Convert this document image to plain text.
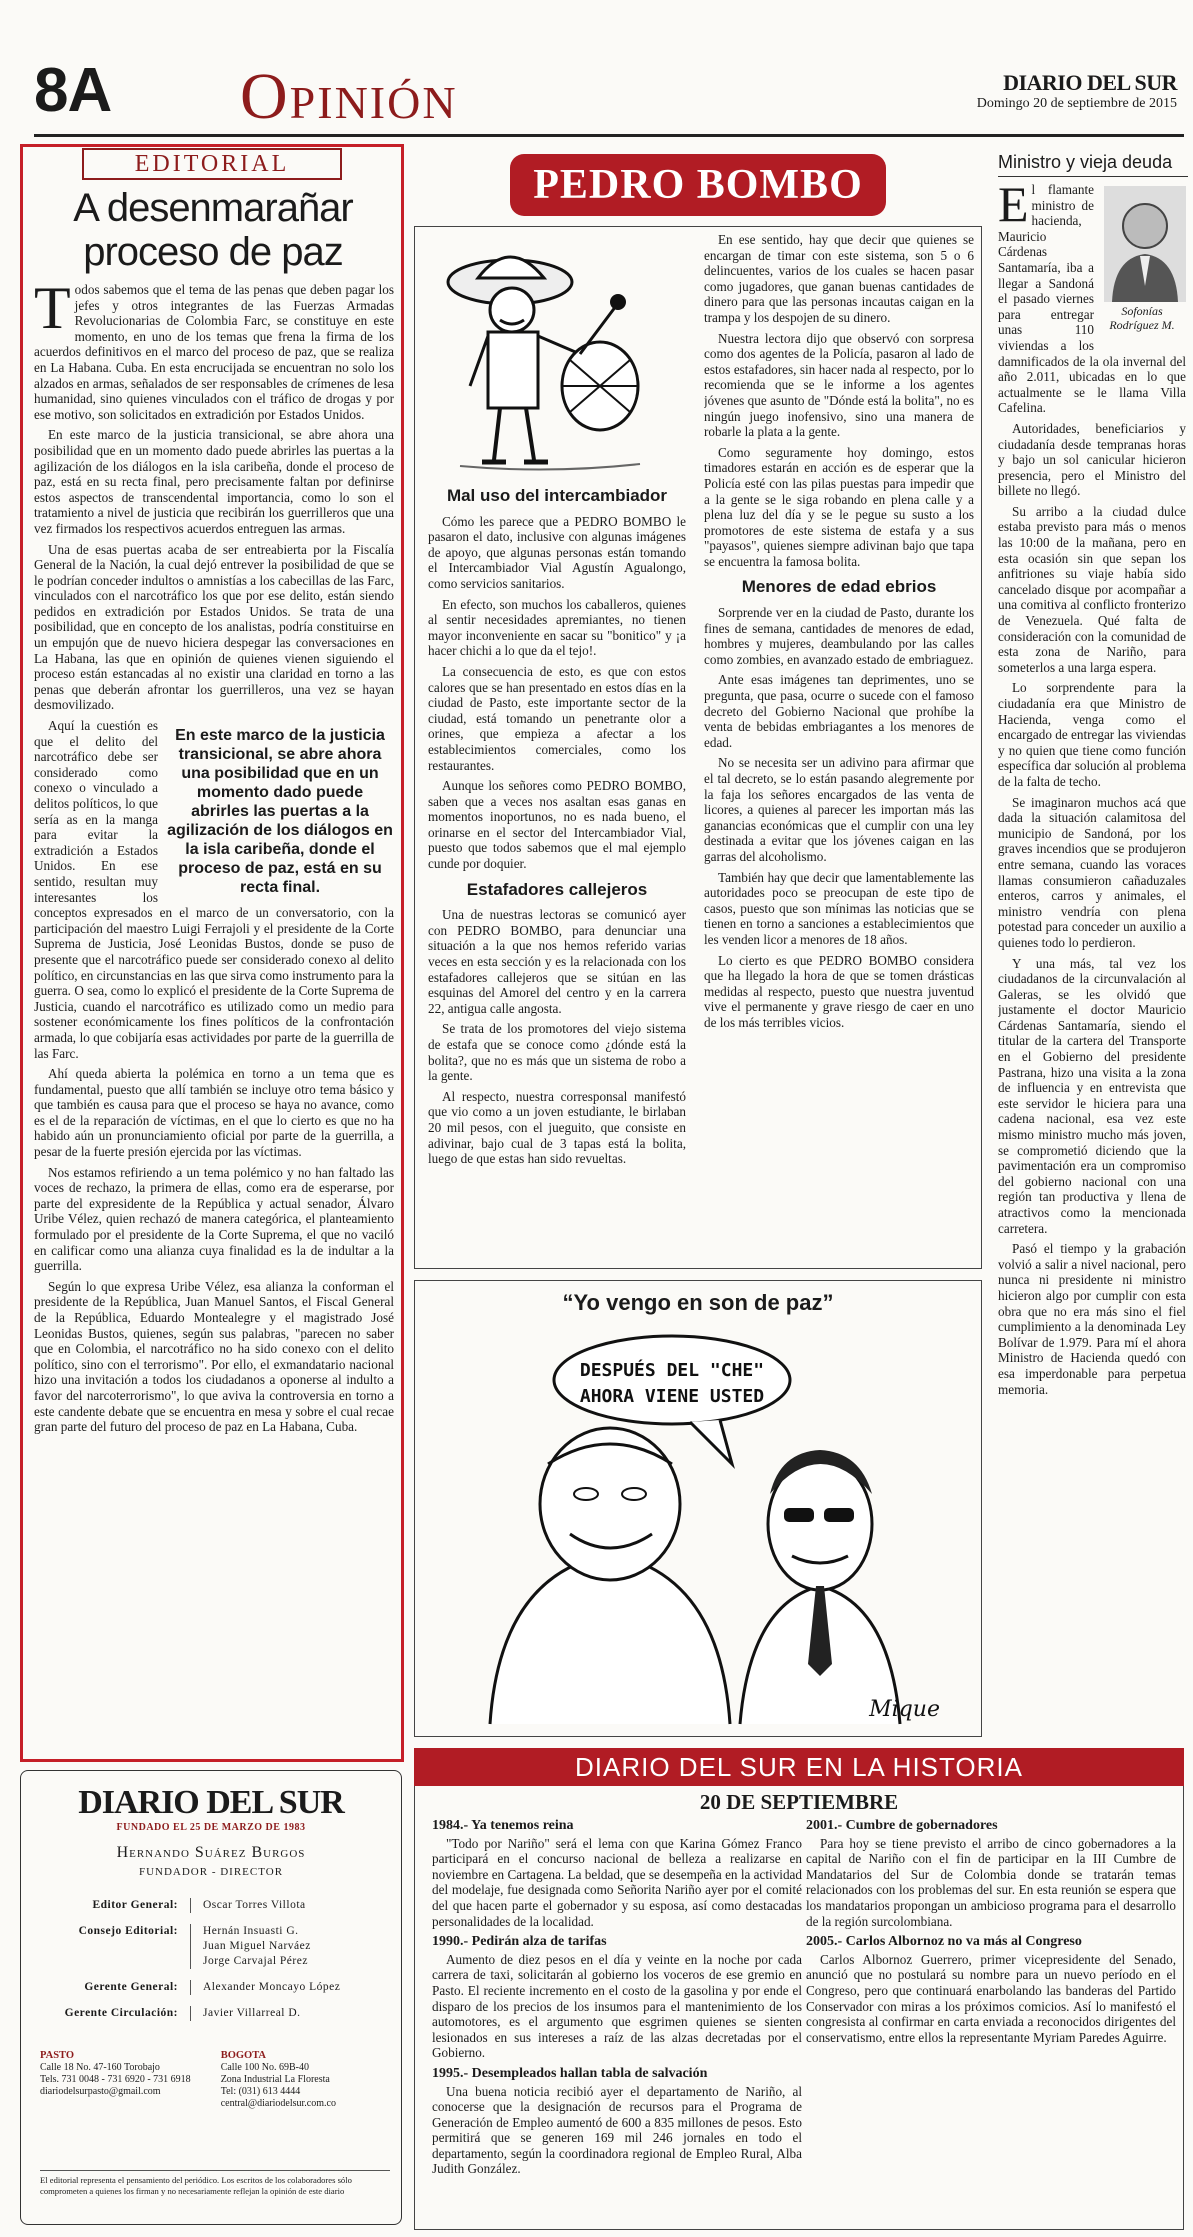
8A Opinión	DIARIO DEL SUR
Domingo 20 de septiembre de 2015
EDITORIAL
A desenmarañar proceso de paz

Todos sabemos que el tema de las penas que deben pagar los jefes y otros integrantes de las Fuerzas Armadas Revolucionarias de Colombia Farc, se constituye en este momento, en uno de los temas que frena la firma de los acuerdos definitivos en el marco del proceso de paz, que se realiza en La Habana. Cuba. En esta encrucijada se encuentran no solo los alzados en armas, señalados de ser responsables de crímenes de lesa humanidad, sino quienes vinculados con el tráfico de drogas y por ese motivo, son solicitados en extradición por Estados Unidos.

En este marco de la justicia transicional, se abre ahora una posibilidad que en un momento dado puede abrirles las puertas a la agilización de los diálogos en la isla caribeña, donde el proceso de paz, está en su recta final, pero precisamente faltan por definirse estos aspectos de transcendental importancia, como lo son el tratamiento a nivel de justicia que recibirán los guerrilleros que una vez firmados los respectivos acuerdos entreguen las armas.

Una de esas puertas acaba de ser entreabierta por la Fiscalía General de la Nación, la cual dejó entrever la posibilidad de que se le podrían conceder indultos o amnistías a los cabecillas de las Farc, vinculados con el narcotráfico los que por ese delito, están siendo pedidos en extradición por Estados Unidos. Se trata de una posibilidad, que en concepto de los analistas, podría constituirse en un empujón que de nuevo hiciera despegar las conversaciones en La Habana, las que en opinión de quienes vienen siguiendo el proceso están estancadas al no existir una claridad en torno a las penas que deberán afrontar los guerrilleros, una vez se hayan desmovilizado.

En este marco de la justicia transicional, se abre ahora una posibilidad que en un momento dado puede abrirles las puertas a la agilización de los diálogos en la isla caribeña, donde el proceso de paz, está en su recta final.
Aquí la cuestión es que el delito del narcotráfico debe ser considerado como conexo o vinculado a delitos políticos, lo que sería as en la manga para evitar la extradición a Estados Unidos. En ese sentido, resultan muy interesantes los conceptos expresados en el marco de un conversatorio, con la participación del maestro Luigi Ferrajoli y el presidente de la Corte Suprema de Justicia, José Leonidas Bustos, donde se puso de presente que el narcotráfico puede ser considerado conexo al delito político, en circunstancias en las que sirva como instrumento para la guerra. O sea, como lo explicó el presidente de la Corte Suprema de Justicia, cuando el narcotráfico es utilizado como un medio para sostener económicamente los fines políticos de la confrontación armada, lo que cobijaría esas actividades por parte de la guerrilla de las Farc.

Ahí queda abierta la polémica en torno a un tema que es fundamental, puesto que allí también se incluye otro tema básico y que también es causa para que el proceso se haya no avance, como es el de la reparación de víctimas, en el que lo cierto es que no ha habido aún un pronunciamiento oficial por parte de la guerrilla, a pesar de la fuerte presión ejercida por las víctimas.

Nos estamos refiriendo a un tema polémico y no han faltado las voces de rechazo, la primera de ellas, como era de esperarse, por parte del expresidente de la República y actual senador, Álvaro Uribe Vélez, quien rechazó de manera categórica, el planteamiento formulado por el presidente de la Corte Suprema, el que no vaciló en calificar como una alianza cuya finalidad es la de indultar a la guerrilla.

Según lo que expresa Uribe Vélez, esa alianza la conforman el presidente de la República, Juan Manuel Santos, el Fiscal General de la República, Eduardo Montealegre y el magistrado José Leonidas Bustos, quienes, según sus palabras, "parecen no saber que en Colombia, el narcotráfico no ha sido conexo con el delito político, sino con el terrorismo". Por ello, el exmandatario nacional hizo una invitación a todos los ciudadanos a oponerse al indulto a favor del narcoterrorismo", lo que aviva la controversia en torno a este candente debate que se encuentra en mesa y sobre el cual recae gran parte del futuro del proceso de paz en La Habana, Cuba.

PEDRO BOMBO

Mal uso del intercambiador

Cómo les parece que a PEDRO BOMBO le pasaron el dato, inclusive con algunas imágenes de apoyo, que algunas personas están tomando el Intercambiador Vial Agustín Agualongo, como servicios sanitarios.

En efecto, son muchos los caballeros, quienes al sentir necesidades apremiantes, no tienen mayor inconveniente en sacar su "bonitico" y ¡a hacer chichi a lo que da el tejo!.

La consecuencia de esto, es que con estos calores que se han presentado en estos días en la ciudad de Pasto, este importante sector de la ciudad, está tomando un penetrante olor a orines, que empieza a afectar a los establecimientos comerciales, como los restaurantes.

Aunque los señores como PEDRO BOMBO, saben que a veces nos asaltan esas ganas en momentos inoportunos, no es nada bueno, el orinarse en el sector del Intercambiador Vial, puesto que todos sabemos que el mal ejemplo cunde por doquier.

Estafadores callejeros

Una de nuestras lectoras se comunicó ayer con PEDRO BOMBO, para denunciar una situación a la que nos hemos referido varias veces en esta sección y es la relacionada con los estafadores callejeros que se sitúan en las esquinas del Amorel del centro y en la carrera 22, antigua calle angosta.

Se trata de los promotores del viejo sistema de estafa que se conoce como ¿dónde está la bolita?, que no es más que un sistema de robo a la gente.

Al respecto, nuestra corresponsal manifestó que vio como a un joven estudiante, le birlaban 20 mil pesos, con el jueguito, que consiste en adivinar, bajo cual de 3 tapas está la bolita, luego de que estas han sido revueltas.

En ese sentido, hay que decir que quienes se encargan de timar con este sistema, son 5 o 6 delincuentes, varios de los cuales se hacen pasar como jugadores, que ganan buenas cantidades de dinero para que las personas incautas caigan en la trampa y los despojen de su dinero.

Nuestra lectora dijo que observó con sorpresa como dos agentes de la Policía, pasaron al lado de estos estafadores, sin hacer nada al respecto, por lo recomienda que se le informe a los agentes jóvenes que asunto de "Dónde está la bolita", no es ningún juego inofensivo, sino una manera de robarle la plata a la gente.

Como seguramente hoy domingo, estos timadores estarán en acción es de esperar que la Policía esté con las pilas puestas para impedir que a la gente se le siga robando en plena calle y a plena luz del día y se le pegue su susto a los promotores de este sistema de estafa y a sus "payasos", quienes siempre adivinan bajo que tapa se encuentra la famosa bolita.

Menores de edad ebrios

Sorprende ver en la ciudad de Pasto, durante los fines de semana, cantidades de menores de edad, hombres y mujeres, deambulando por las calles como zombies, en avanzado estado de embriaguez.

Ante esas imágenes tan deprimentes, uno se pregunta, que pasa, ocurre o sucede con el famoso decreto del Gobierno Nacional que prohíbe la venta de bebidas embriagantes a los menores de edad.

No se necesita ser un adivino para afirmar que el tal decreto, se lo están pasando alegremente por la faja los señores encargados de las venta de licores, a quienes al parecer les importan más las ganancias económicas que el cumplir con una ley destinada a evitar que los jóvenes caigan en las garras del alcoholismo.

También hay que decir que lamentablemente las autoridades poco se preocupan de este tipo de casos, puesto que son mínimas las noticias que se tienen en torno a sanciones a establecimientos que les venden licor a menores de 18 años.

Lo cierto es que PEDRO BOMBO considera que ha llegado la hora de que se tomen drásticas medidas al respecto, puesto que nuestra juventud vive el permanente y grave riesgo de caer en uno de los más terribles vicios.

“Yo vengo en son de paz”
DESPUÉS DEL "CHE"
AHORA VIENE USTED
Mique
Ministro y vieja deuda

El flamante ministro de hacienda, Mauricio Cárdenas Santamaría, iba a llegar a Sandoná el pasado viernes para entregar unas 110 viviendas a los damnificados de la ola invernal del año 2.011, ubicadas en lo que actualmente se le llama Villa Cafelina.

Autoridades, beneficiarios y ciudadanía desde tempranas horas y bajo un sol canicular hicieron presencia, pero el Ministro del billete no llegó.

Su arribo a la ciudad dulce estaba previsto para más o menos las 10:00 de la mañana, pero en esta ocasión sin que sepan los anfitriones su viaje había sido cancelado disque por acompañar a una comitiva al conflicto fronterizo de Venezuela. Qué falta de consideración con la comunidad de esta zona de Nariño, para someterlos a una larga espera.

Lo sorprendente para la ciudadanía era que Ministro de Hacienda, venga como el encargado de entregar las viviendas y no quien que tiene como función específica dar solución al problema de la falta de techo.

Se imaginaron muchos acá que dada la situación calamitosa del municipio de Sandoná, por los graves incendios que se produjeron entre semana, cuando las voraces llamas consumieron cañaduzales enteros, carros y animales, el ministro vendría con plena potestad para conceder un auxilio a quienes todo lo perdieron.

Y una más, tal vez los ciudadanos de la circunvalación al Galeras, se les olvidó que justamente el doctor Mauricio Cárdenas Santamaría, siendo el titular de la cartera del Transporte en el Gobierno del presidente Pastrana, hizo una visita a la zona de influencia y en entrevista que este servidor le hiciera para una cadena nacional, esa vez este mismo ministro mucho más joven, se comprometió diciendo que la pavimentación era un compromiso del gobierno nacional con una región tan productiva y llena de atractivos como la mencionada carretera.

Pasó el tiempo y la grabación volvió a salir a nivel nacional, pero nunca ni presidente ni ministro hicieron algo por cumplir con esta obra que no era más sino el fiel cumplimiento a la denominada Ley Bolívar de 1.979. Para mí el ahora Ministro de Hacienda quedó con esa imperdonable para perpetua memoria.

Sofonías
Rodríguez M.
DIARIO DEL SUR
FUNDADO EL 25 DE MARZO DE 1983
Hernando Suárez Burgos
FUNDADOR - DIRECTOR
Editor General:	Oscar Torres Villota
Consejo Editorial:	Hernán Insuasti G.
Juan Miguel Narváez
Jorge Carvajal Pérez
Gerente General:	Alexander Moncayo López
Gerente Circulación:	Javier Villarreal D.
PASTO
Calle 18 No. 47-160 Torobajo
Tels. 731 0048 - 731 6920 - 731 6918
diariodelsurpasto@gmail.com
BOGOTA
Calle 100 No. 69B-40
Zona Industrial La Floresta
Tel: (031) 613 4444
central@diariodelsur.com.co
El editorial representa el pensamiento del periódico. Los escritos de los colaboradores sólo comprometen a quienes los firman y no necesariamente reflejan la opinión de este diario
DIARIO DEL SUR EN LA HISTORIA
20 DE SEPTIEMBRE

1984.- Ya tenemos reina

"Todo por Nariño" será el lema con que Karina Gómez Franco participará en el concurso nacional de belleza a realizarse en noviembre en Cartagena. La beldad, que se desempeña en la actividad del modelaje, fue designada como Señorita Nariño ayer por el comité del que hacen parte el gobernador y su esposa, así como destacadas personalidades de la localidad.

1990.- Pedirán alza de tarifas

Aumento de diez pesos en el día y veinte en la noche por cada carrera de taxi, solicitarán al gobierno los voceros de ese gremio en Pasto. El reciente incremento en el costo de la gasolina y por ende el disparo de los precios de los insumos para el mantenimiento de los automotores, es el argumento que esgrimen quienes se sienten lesionados en sus intereses a raíz de las alzas decretadas por el Gobierno.

1995.- Desempleados hallan tabla de salvación

Una buena noticia recibió ayer el departamento de Nariño, al conocerse que la designación de recursos para el Programa de Generación de Empleo aumentó de 600 a 835 millones de pesos. Esto permitirá que se generen 169 mil 246 jornales en todo el departamento, según la coordinadora regional de Empleo Rural, Alba Judith González.

2001.- Cumbre de gobernadores

Para hoy se tiene previsto el arribo de cinco gobernadores a la capital de Nariño con el fin de participar en la III Cumbre de Mandatarios del Sur de Colombia donde se tratarán temas relacionados con los problemas del sur. En esta reunión se espera que los mandatarios propongan un ambicioso programa para el desarrollo de la región surcolombiana.

2005.- Carlos Albornoz no va más al Congreso

Carlos Albornoz Guerrero, primer vicepresidente del Senado, anunció que no postulará su nombre para un nuevo período en el Congreso, pero que continuará enarbolando las banderas del Partido Conservador con miras a los próximos comicios. Así lo manifestó el congresista al confirmar en carta enviada a reconocidos dirigentes del conservatismo, entre ellos la representante Myriam Paredes Aguirre.
